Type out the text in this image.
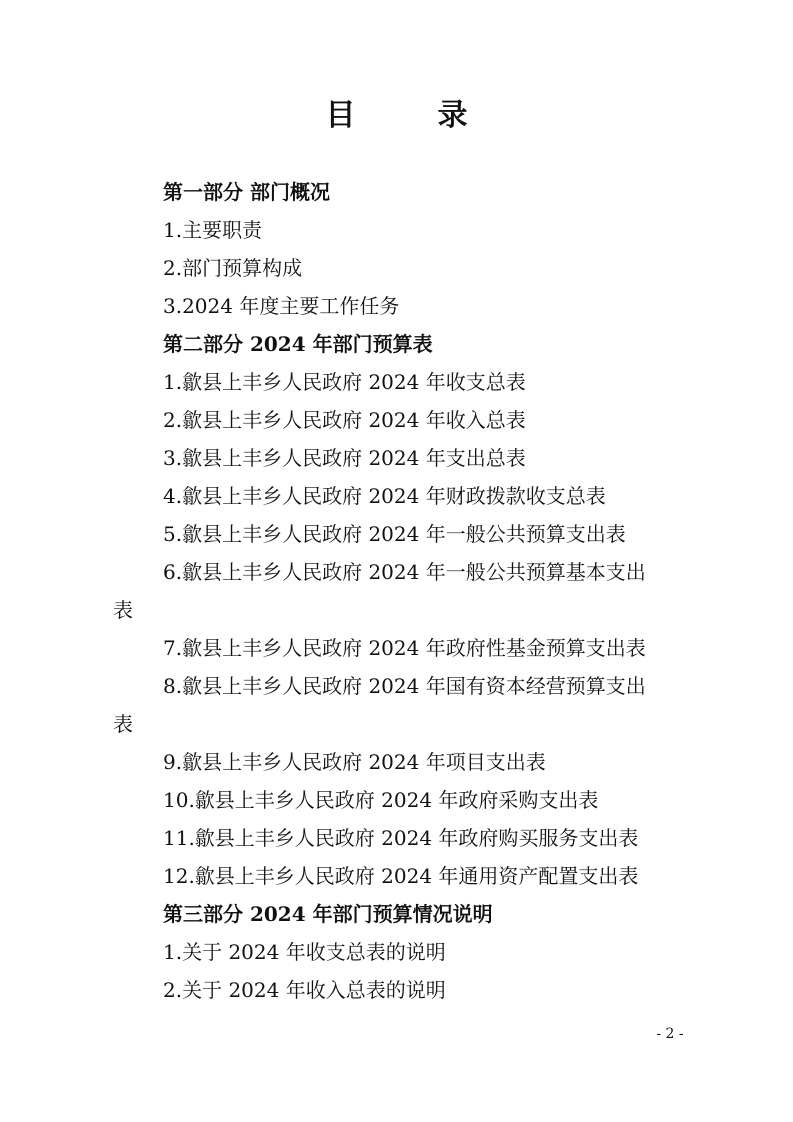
目　录
第一部分 部门概况
1.主要职责
2.部门预算构成
3.2024 年度主要工作任务
第二部分 2024 年部门预算表
1.歙县上丰乡人民政府 2024 年收支总表
2.歙县上丰乡人民政府 2024 年收入总表
3.歙县上丰乡人民政府 2024 年支出总表
4.歙县上丰乡人民政府 2024 年财政拨款收支总表
5.歙县上丰乡人民政府 2024 年一般公共预算支出表
6.歙县上丰乡人民政府 2024 年一般公共预算基本支出
表
7.歙县上丰乡人民政府 2024 年政府性基金预算支出表
8.歙县上丰乡人民政府 2024 年国有资本经营预算支出
表
9.歙县上丰乡人民政府 2024 年项目支出表
10.歙县上丰乡人民政府 2024 年政府采购支出表
11.歙县上丰乡人民政府 2024 年政府购买服务支出表
12.歙县上丰乡人民政府 2024 年通用资产配置支出表
第三部分 2024 年部门预算情况说明
1.关于 2024 年收支总表的说明
2.关于 2024 年收入总表的说明
- 2 -
